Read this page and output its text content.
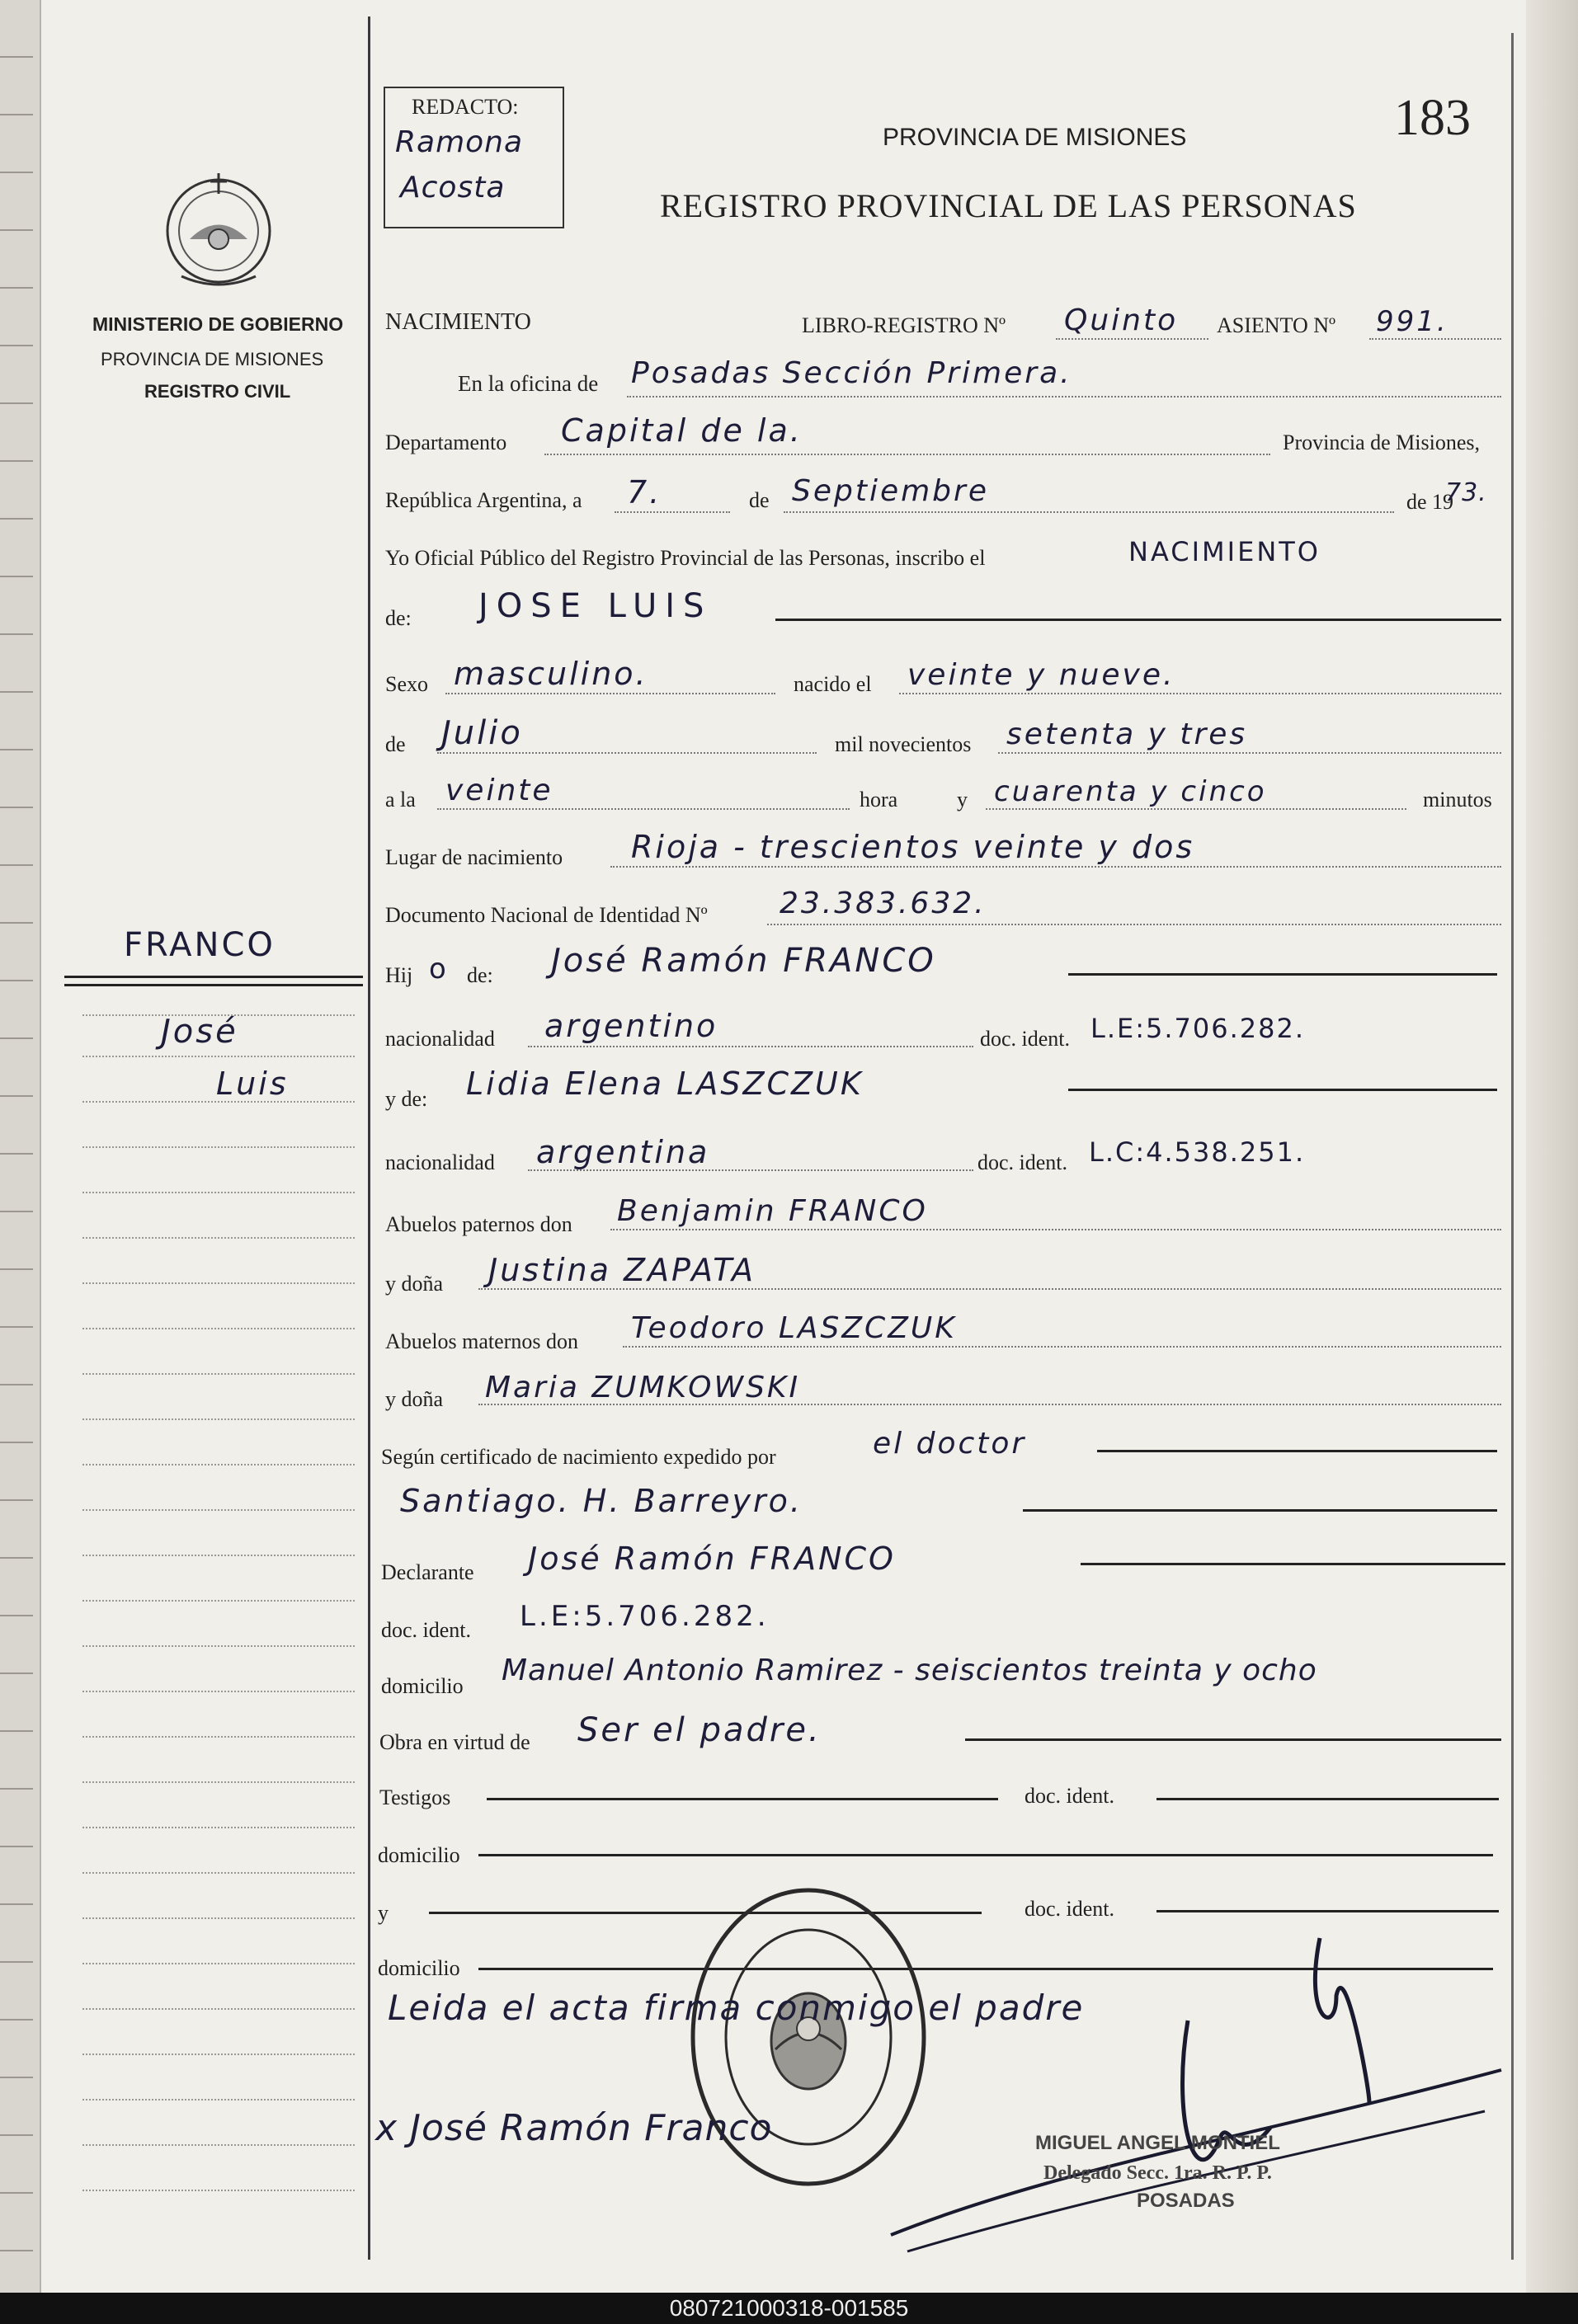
MINISTERIO DE GOBIERNO
PROVINCIA DE MISIONES
REGISTRO CIVIL
FRANCO
José
Luis
REDACTO:
Ramona
Acosta
PROVINCIA DE MISIONES	183
REGISTRO PROVINCIAL DE LAS PERSONAS
NACIMIENTO	LIBRO-REGISTRO Nº Quinto ASIENTO Nº 991.
En la oficina de Posadas Sección Primera.
Departamento Capital de la.	Provincia de Misiones,
República Argentina, a 7.	de Septiembre	de 19
73.
Yo Oficial Público del Registro Provincial de las Personas, inscribo el	NACIMIENTO
de: JOSE LUIS
Sexo masculino.	nacido el veinte y nueve.
de Julio	mil novecientos setenta y tres
a la veinte	hora	y cuarenta y cinco	minutos
Lugar de nacimiento Rioja - trescientos veinte y dos
Documento Nacional de Identidad Nº 23.383.632.
Hij o de: José Ramón FRANCO
nacionalidad argentino	doc. ident. L.E:5.706.282.
y de: Lidia Elena LASZCZUK
nacionalidad argentina	doc. ident. L.C:4.538.251.
Abuelos paternos don Benjamin FRANCO
y doña Justina ZAPATA
Abuelos maternos don Teodoro LASZCZUK
y doña Maria ZUMKOWSKI
Según certificado de nacimiento expedido por	el doctor
Santiago. H. Barreyro.
Declarante José Ramón FRANCO
doc. ident. L.E:5.706.282.
domicilio Manuel Antonio Ramirez - seiscientos treinta y ocho
Obra en virtud de Ser el padre.
Testigos	doc. ident.
domicilio
y	doc. ident.
domicilio
Leida el acta firma conmigo el padre
x José Ramón Franco	MIGUEL ANGEL MONTIEL
Delegado Secc. 1ra. R. P. P.
POSADAS
080721000318-001585
